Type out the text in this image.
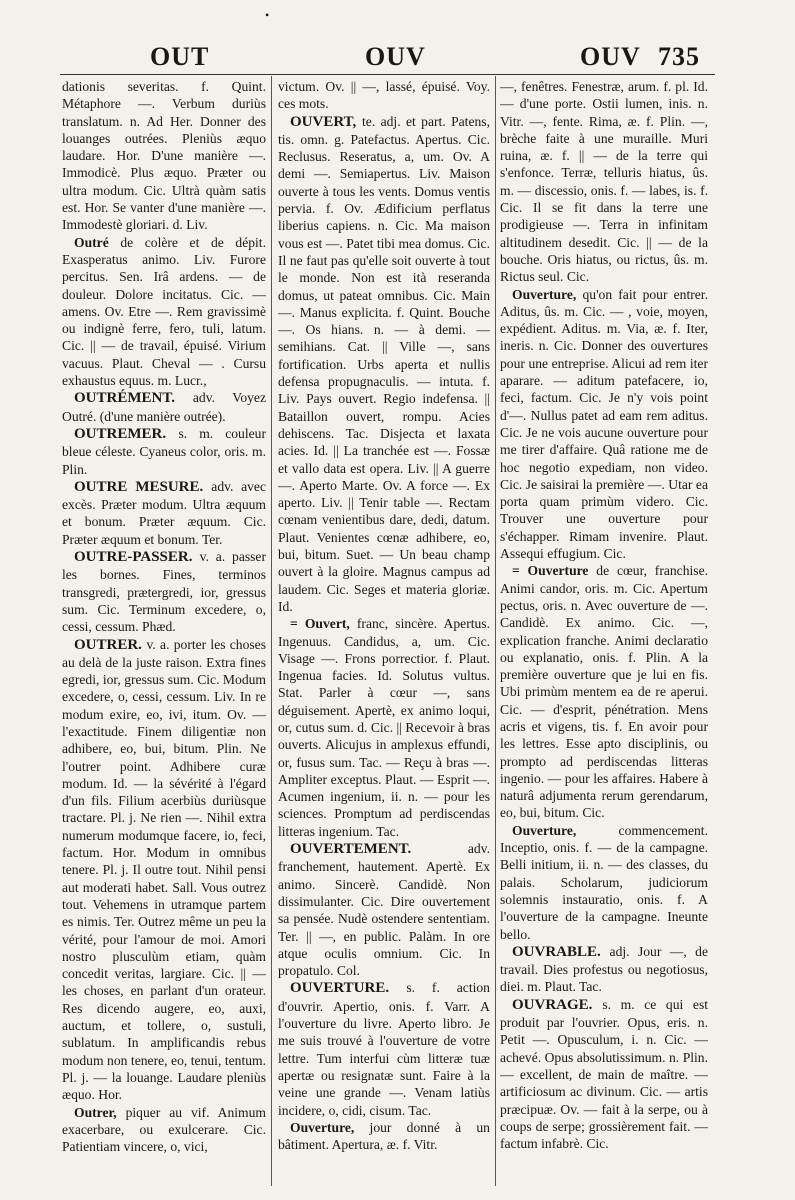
•
OUT	OUV	OUV 735

dationis severitas. f. Quint. Métaphore —. Verbum duriùs translatum. n. Ad Her. Donner des louanges outrées. Pleniùs æquo laudare. Hor. D'une manière —. Immodicè. Plus æquo. Præter ou ultra modum. Cic. Ultrà quàm satis est. Hor. Se vanter d'une manière —. Immodestè gloriari. d. Liv.

Outré de colère et de dépit. Exasperatus animo. Liv. Furore percitus. Sen. Irâ ardens. — de douleur. Dolore incitatus. Cic. — amens. Ov. Etre —. Rem gravissimè ou indignè ferre, fero, tuli, latum. Cic. || — de travail, épuisé. Virium vacuus. Plaut. Cheval — . Cursu exhaustus equus. m. Lucr.,

OUTRÉMENT. adv. Voyez Outré. (d'une manière outrée).

OUTREMER. s. m. couleur bleue céleste. Cyaneus color, oris. m. Plin.

OUTRE MESURE. adv. avec excès. Præter modum. Ultra æquum et bonum. Præter æquum. Cic. Præter æquum et bonum. Ter.

OUTRE-PASSER. v. a. passer les bornes. Fines, terminos transgredi, prætergredi, ior, gressus sum. Cic. Terminum excedere, o, cessi, cessum. Phæd.

OUTRER. v. a. porter les choses au delà de la juste raison. Extra fines egredi, ior, gressus sum. Cic. Modum excedere, o, cessi, cessum. Liv. In re modum exire, eo, ivi, itum. Ov. — l'exactitude. Finem diligentiæ non adhibere, eo, bui, bitum. Plin. Ne l'outrer point. Adhibere curæ modum. Id. — la sévérité à l'égard d'un fils. Filium acerbiùs duriùsque tractare. Pl. j. Ne rien —. Nihil extra numerum modumque facere, io, feci, factum. Hor. Modum in omnibus tenere. Pl. j. Il outre tout. Nihil pensi aut moderati habet. Sall. Vous outrez tout. Vehemens in utramque partem es nimis. Ter. Outrez même un peu la vérité, pour l'amour de moi. Amori nostro plusculùm etiam, quàm concedit veritas, largiare. Cic. || — les choses, en parlant d'un orateur. Res dicendo augere, eo, auxi, auctum, et tollere, o, sustuli, sublatum. In amplificandis rebus modum non tenere, eo, tenui, tentum. Pl. j. — la louange. Laudare pleniùs æquo. Hor.

Outrer, piquer au vif. Animum exacerbare, ou exulcerare. Cic. Patientiam vincere, o, vici,

victum. Ov. || —, lassé, épuisé. Voy. ces mots.

OUVERT, te. adj. et part. Patens, tis. omn. g. Patefactus. Apertus. Cic. Reclusus. Reseratus, a, um. Ov. A demi —. Semiapertus. Liv. Maison ouverte à tous les vents. Domus ventis pervia. f. Ov. Ædificium perflatus liberius capiens. n. Cic. Ma maison vous est —. Patet tibi mea domus. Cic. Il ne faut pas qu'elle soit ouverte à tout le monde. Non est ità reseranda domus, ut pateat omnibus. Cic. Main —. Manus explicita. f. Quint. Bouche —. Os hians. n. — à demi. — semihians. Cat. || Ville —, sans fortification. Urbs aperta et nullis defensa propugnaculis. — intuta. f. Liv. Pays ouvert. Regio indefensa. || Bataillon ouvert, rompu. Acies dehiscens. Tac. Disjecta et laxata acies. Id. || La tranchée est —. Fossæ et vallo data est opera. Liv. || A guerre —. Aperto Marte. Ov. A force —. Ex aperto. Liv. || Tenir table —. Rectam cœnam venientibus dare, dedi, datum. Plaut. Venientes cœnæ adhibere, eo, bui, bitum. Suet. — Un beau champ ouvert à la gloire. Magnus campus ad laudem. Cic. Seges et materia gloriæ. Id.

= Ouvert, franc, sincère. Apertus. Ingenuus. Candidus, a, um. Cic. Visage —. Frons porrectior. f. Plaut. Ingenua facies. Id. Solutus vultus. Stat. Parler à cœur —, sans déguisement. Apertè, ex animo loqui, or, cutus sum. d. Cic. || Recevoir à bras ouverts. Alicujus in amplexus effundi, or, fusus sum. Tac. — Reçu à bras —. Ampliter exceptus. Plaut. — Esprit —. Acumen ingenium, ii. n. — pour les sciences. Promptum ad perdiscendas litteras ingenium. Tac.

OUVERTEMENT. adv. franchement, hautement. Apertè. Ex animo. Sincerè. Candidè. Non dissimulanter. Cic. Dire ouvertement sa pensée. Nudè ostendere sententiam. Ter. || —, en public. Palàm. In ore atque oculis omnium. Cic. In propatulo. Col.

OUVERTURE. s. f. action d'ouvrir. Apertio, onis. f. Varr. A l'ouverture du livre. Aperto libro. Je me suis trouvé à l'ouverture de votre lettre. Tum interfui cùm litteræ tuæ apertæ ou resignatæ sunt. Faire à la veine une grande —. Venam latiùs incidere, o, cidi, cisum. Tac.

Ouverture, jour donné à un bâtiment. Apertura, æ. f. Vitr.

—, fenêtres. Fenestræ, arum. f. pl. Id. — d'une porte. Ostii lumen, inis. n. Vitr. —, fente. Rima, æ. f. Plin. —, brèche faite à une muraille. Muri ruina, æ. f. || — de la terre qui s'enfonce. Terræ, telluris hiatus, ûs. m. — discessio, onis. f. — labes, is. f. Cic. Il se fit dans la terre une prodigieuse —. Terra in infinitam altitudinem desedit. Cic. || — de la bouche. Oris hiatus, ou rictus, ûs. m. Rictus seul. Cic.

Ouverture, qu'on fait pour entrer. Aditus, ûs. m. Cic. — , voie, moyen, expédient. Aditus. m. Via, æ. f. Iter, ineris. n. Cic. Donner des ouvertures pour une entreprise. Alicui ad rem iter aparare. — aditum patefacere, io, feci, factum. Cic. Je n'y vois point d'—. Nullus patet ad eam rem aditus. Cic. Je ne vois aucune ouverture pour me tirer d'affaire. Quâ ratione me de hoc negotio expediam, non video. Cic. Je saisirai la première —. Utar ea porta quam primùm videro. Cic. Trouver une ouverture pour s'échapper. Rimam invenire. Plaut. Assequi effugium. Cic.

= Ouverture de cœur, franchise. Animi candor, oris. m. Cic. Apertum pectus, oris. n. Avec ouverture de —. Candidè. Ex animo. Cic. —, explication franche. Animi declaratio ou explanatio, onis. f. Plin. A la première ouverture que je lui en fis. Ubi primùm mentem ea de re aperui. Cic. — d'esprit, pénétration. Mens acris et vigens, tis. f. En avoir pour les lettres. Esse apto disciplinis, ou prompto ad perdiscendas litteras ingenio. — pour les affaires. Habere à naturâ adjumenta rerum gerendarum, eo, bui, bitum. Cic.

Ouverture, commencement. Inceptio, onis. f. — de la campagne. Belli initium, ii. n. — des classes, du palais. Scholarum, judiciorum solemnis instauratio, onis. f. A l'ouverture de la campagne. Ineunte bello.

OUVRABLE. adj. Jour —, de travail. Dies profestus ou negotiosus, diei. m. Plaut. Tac.

OUVRAGE. s. m. ce qui est produit par l'ouvrier. Opus, eris. n. Petit —. Opusculum, i. n. Cic. — achevé. Opus absolutissimum. n. Plin. — excellent, de main de maître. — artificiosum ac divinum. Cic. — artis præcipuæ. Ov. — fait à la serpe, ou à coups de serpe; grossièrement fait. — factum infabrè. Cic.
